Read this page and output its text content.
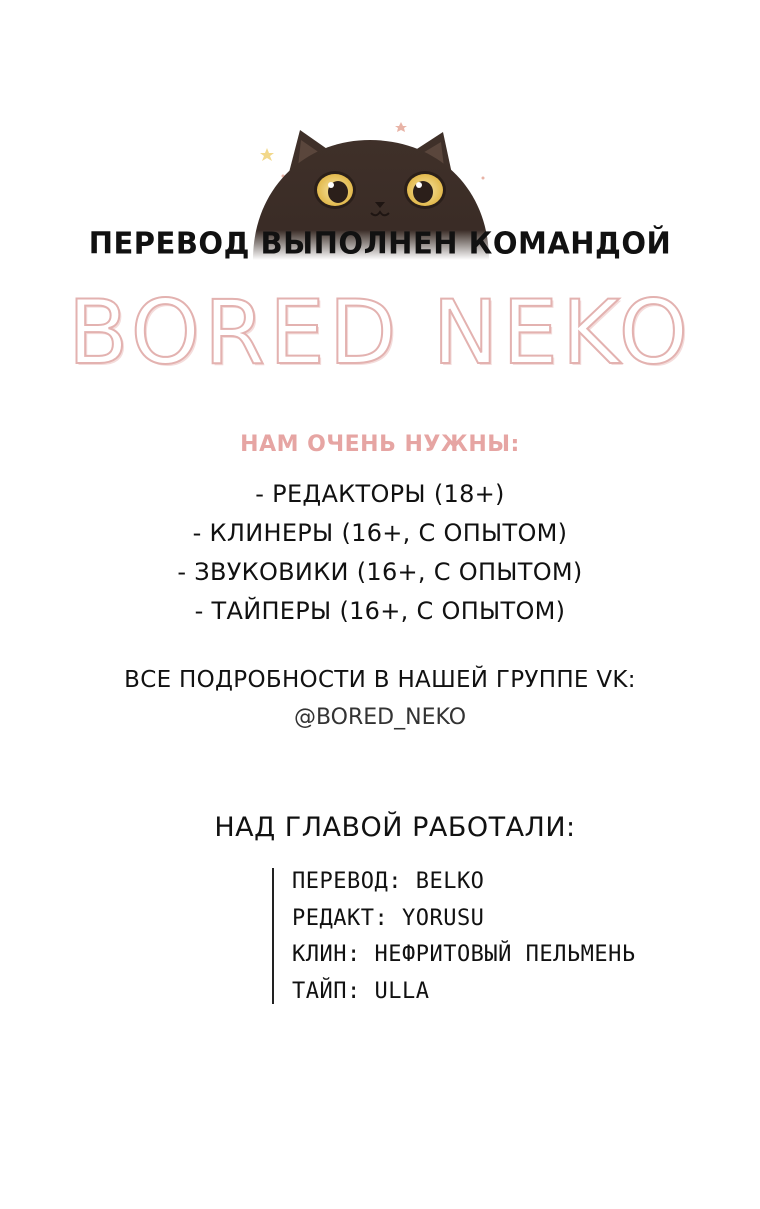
ПЕРЕВОД ВЫПОЛНЕН КОМАНДОЙ
BORED NEKO
НАМ ОЧЕНЬ НУЖНЫ:
- РЕДАКТОРЫ (18+)
- КЛИНЕРЫ (16+, С ОПЫТОМ)
- ЗВУКОВИКИ (16+, С ОПЫТОМ)
- ТАЙПЕРЫ (16+, С ОПЫТОМ)
ВСЕ ПОДРОБНОСТИ В НАШЕЙ ГРУППЕ VK:
@BORED_NEKO
НАД ГЛАВОЙ РАБОТАЛИ:
ПЕРЕВОД: BELKO
РЕДАКТ: YORUSU
КЛИН: НЕФРИТОВЫЙ ПЕЛЬМЕНЬ
ТАЙП: ULLA
